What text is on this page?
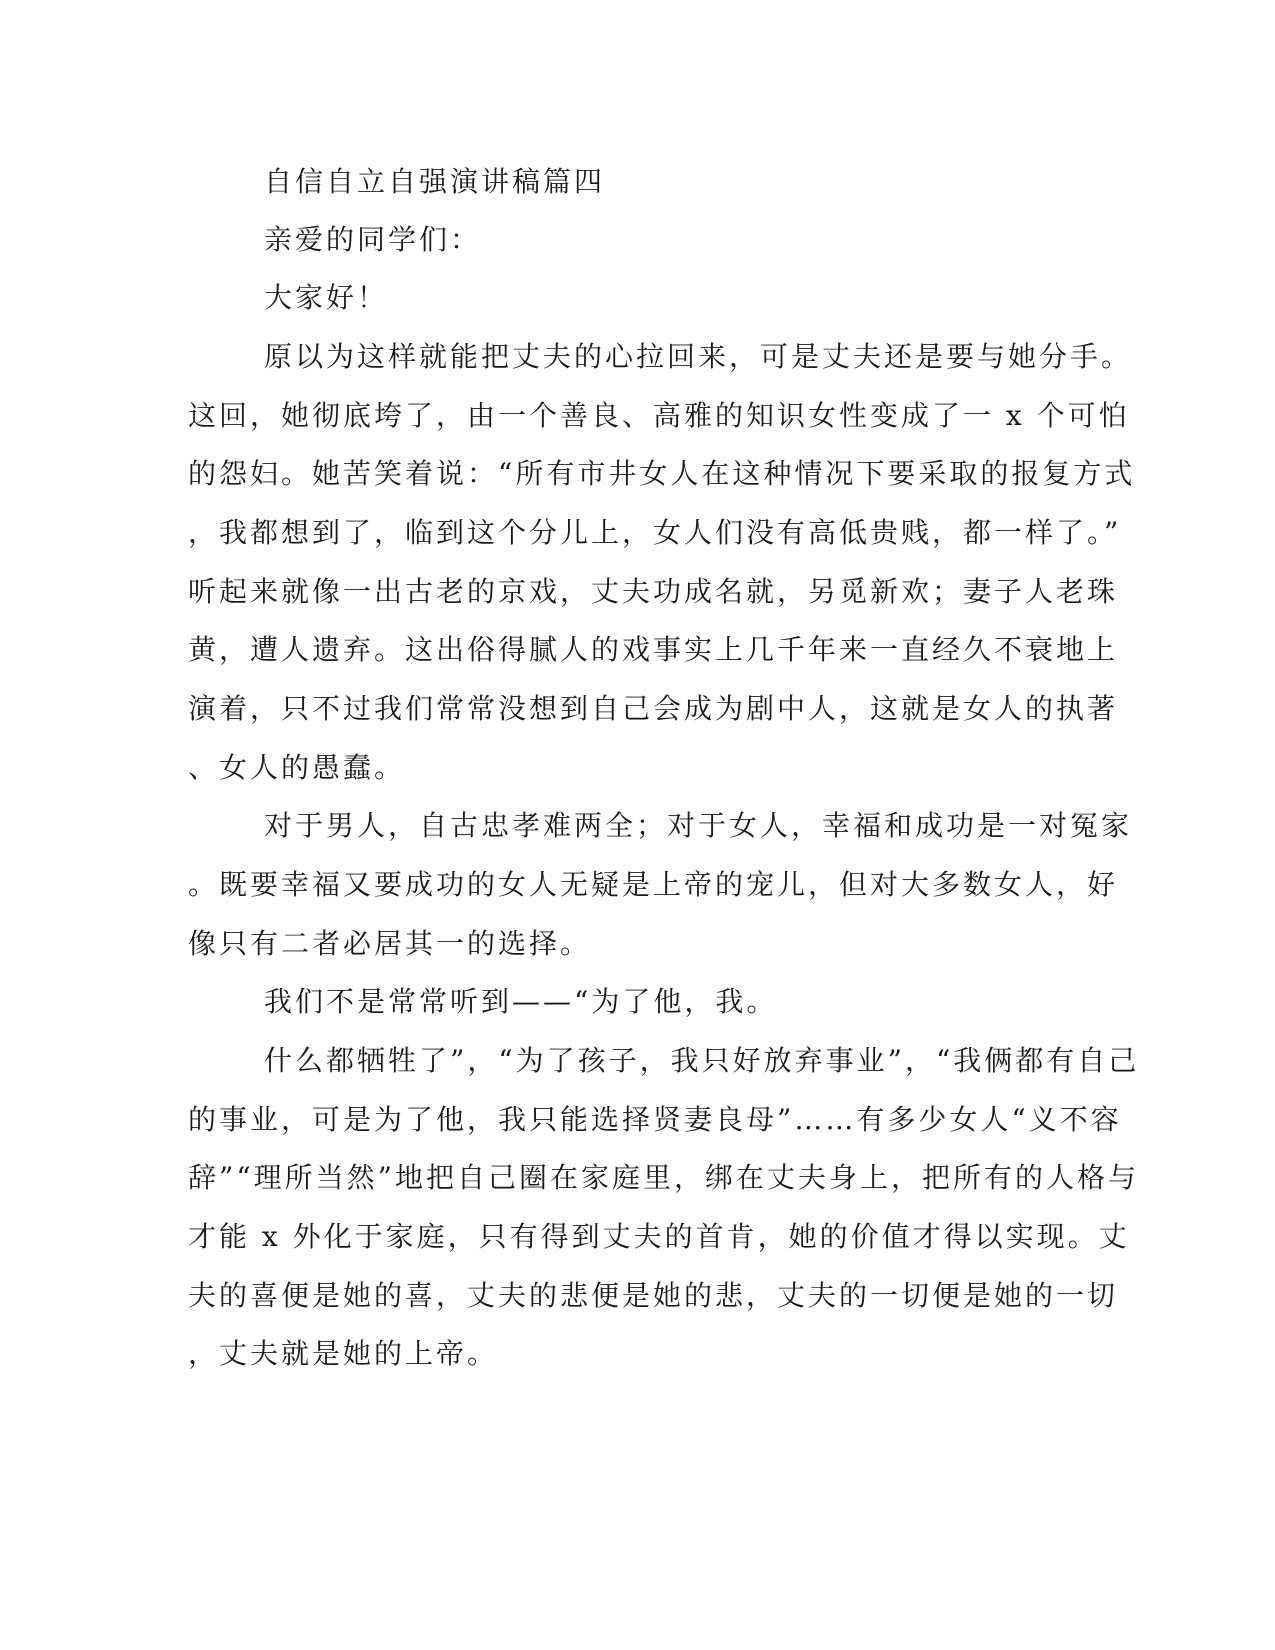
自信自立自强演讲稿篇四
亲爱的同学们：
大家好！
原以为这样就能把丈夫的心拉回来，可是丈夫还是要与她分手。
这回，她彻底垮了，由一个善良、高雅的知识女性变成了一 x 个可怕
的怨妇。她苦笑着说：“所有市井女人在这种情况下要采取的报复方式
，我都想到了，临到这个分儿上，女人们没有高低贵贱，都一样了。”
听起来就像一出古老的京戏，丈夫功成名就，另觅新欢；妻子人老珠
黄，遭人遗弃。这出俗得腻人的戏事实上几千年来一直经久不衰地上
演着，只不过我们常常没想到自己会成为剧中人，这就是女人的执著
、女人的愚蠢。
对于男人，自古忠孝难两全；对于女人，幸福和成功是一对冤家
。既要幸福又要成功的女人无疑是上帝的宠儿，但对大多数女人，好
像只有二者必居其一的选择。
我们不是常常听到——“为了他，我。
什么都牺牲了”，“为了孩子，我只好放弃事业”，“我俩都有自己
的事业，可是为了他，我只能选择贤妻良母”……有多少女人“义不容
辞”“理所当然”地把自己圈在家庭里，绑在丈夫身上，把所有的人格与
才能 x 外化于家庭，只有得到丈夫的首肯，她的价值才得以实现。丈
夫的喜便是她的喜，丈夫的悲便是她的悲，丈夫的一切便是她的一切
，丈夫就是她的上帝。
